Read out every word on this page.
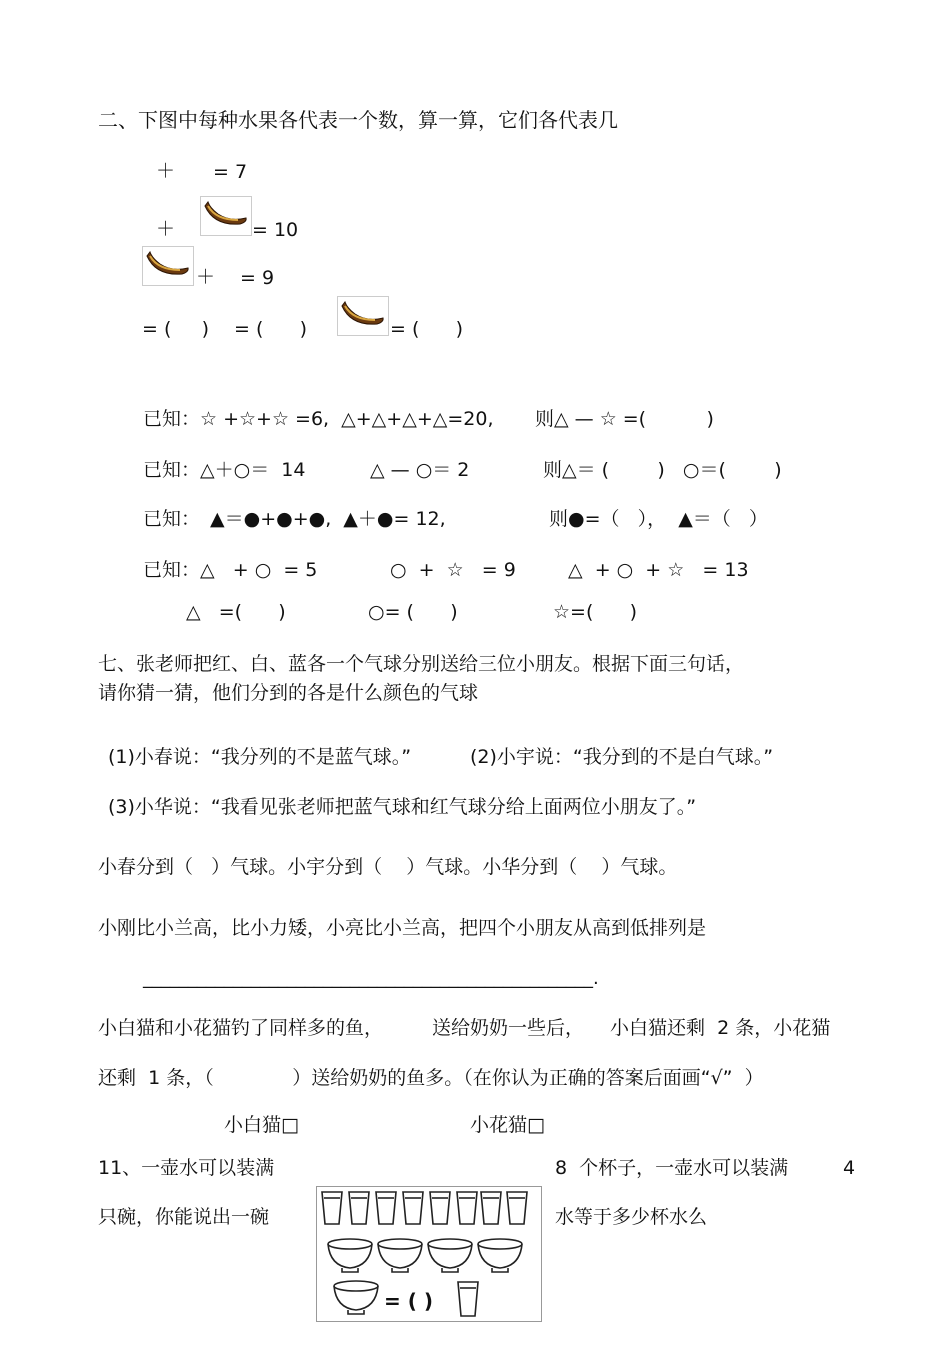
二、下图中每种水果各代表一个数，算一算，它们各代表几
＋ = 7
＋	= 10
＋ = 9
= (     ) = (      )	= (      )
已知：☆ +☆+☆ =6,  △+△+△+△=20, 则△ — ☆ =(          )
已知：△＋○＝  14	△ — ○＝ 2	则△＝ (        )   ○＝(        )
已知： ▲＝●+●+●,  ▲＋●= 12,	则●=（   ），  ▲＝（   ）
已知：△   + ○  = 5	○  +  ☆   = 9	△  + ○  + ☆   = 13
△   =(      )	○= (      )	☆=(      )
七、张老师把红、白、蓝各一个气球分别送给三位小朋友。根据下面三句话，
请你猜一猜，他们分到的各是什么颜色的气球
(1)小春说：“我分列的不是蓝气球。”	(2)小宇说：“我分到的不是白气球。”
(3)小华说：“我看见张老师把蓝气球和红气球分给上面两位小朋友了。”
小春分到（   ）气球。小宇分到（    ）气球。小华分到（    ）气球。
小刚比小兰高，比小力矮，小亮比小兰高，把四个小朋友从高到低排列是
__________________________________________________.
小白猫和小花猫钓了同样多的鱼，	送给奶奶一些后， 小白猫还剩  2 条，小花猫
还剩  1 条，（             ）送给奶奶的鱼多。（在你认为正确的答案后面画“√”  ）
小白猫□	小花猫□
11、一壶水可以装满	8  个杯子，一壶水可以装满	4
只碗，你能说出一碗	水等于多少杯水么
= ( )
